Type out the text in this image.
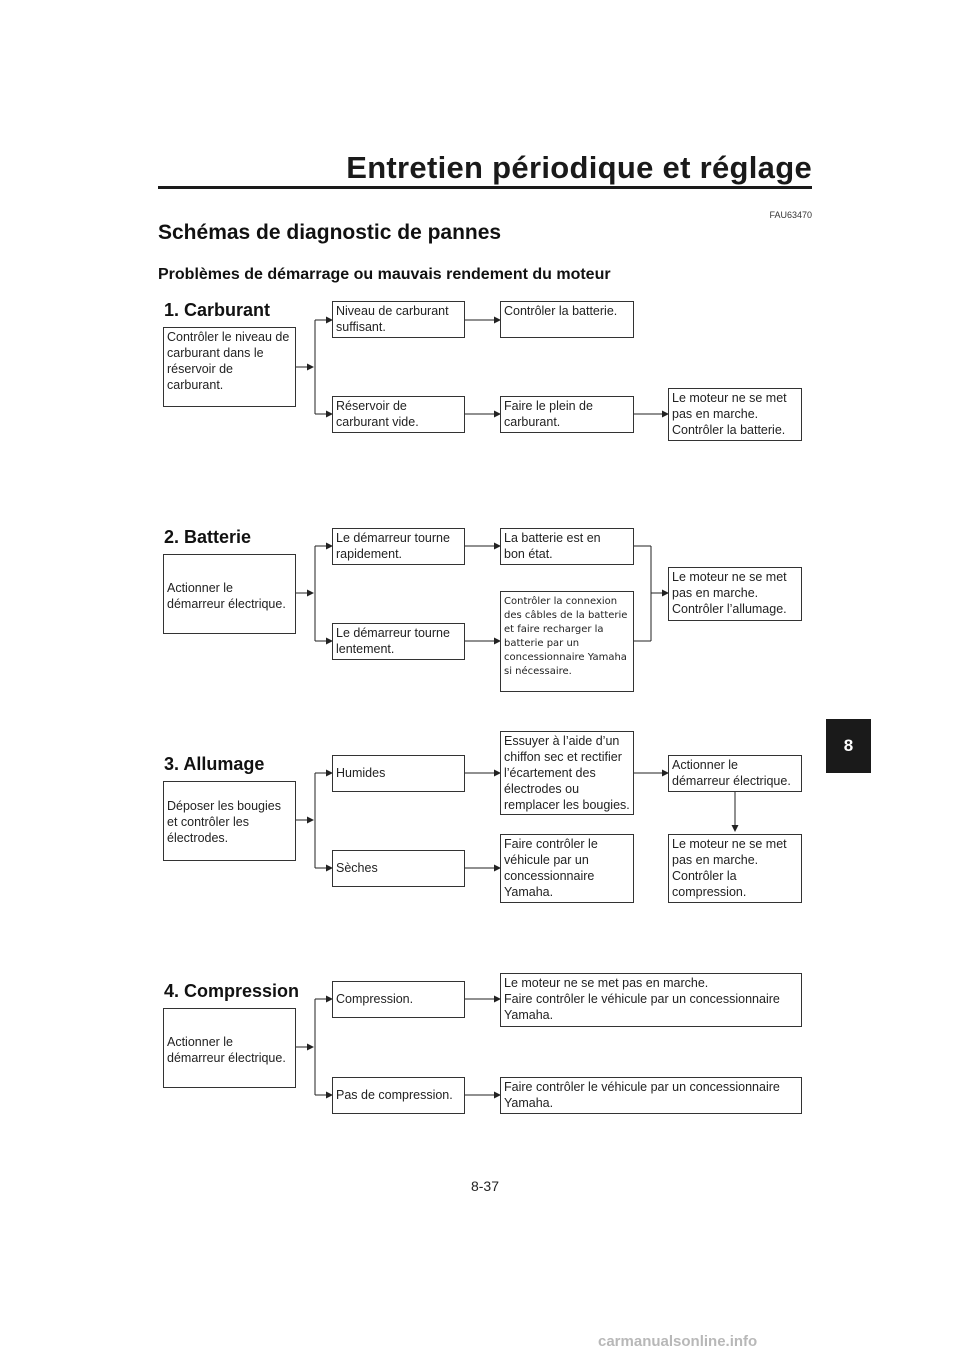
Entretien périodique et réglage
FAU63470
Schémas de diagnostic de pannes
Problèmes de démarrage ou mauvais rendement du moteur
1. Carburant
Contrôler le niveau de
carburant dans le
réservoir de
carburant.
Niveau de carburant
suffisant.
Contrôler la batterie.
Réservoir de
carburant vide.
Faire le plein de
carburant.
Le moteur ne se met
pas en marche.
Contrôler la batterie.
2. Batterie
Actionner le
démarreur électrique.
Le démarreur tourne
rapidement.
La batterie est en
bon état.
Le démarreur tourne
lentement.
Contrôler la connexion
des câbles de la batterie
et faire recharger la
batterie par un
concessionnaire Yamaha
si nécessaire.
Le moteur ne se met
pas en marche.
Contrôler l’allumage.
3. Allumage
Déposer les bougies
et contrôler les
électrodes.
Humides
Essuyer à l’aide d’un
chiffon sec et rectifier
l’écartement des
électrodes ou
remplacer les bougies.
Actionner le
démarreur électrique.
Le moteur ne se met
pas en marche.
Contrôler la
compression.
Sèches
Faire contrôler le
véhicule par un
concessionnaire
Yamaha.
4. Compression
Actionner le
démarreur électrique.
Compression.
Le moteur ne se met pas en marche.
Faire contrôler le véhicule par un concessionnaire
Yamaha.
Pas de compression.
Faire contrôler le véhicule par un concessionnaire
Yamaha.
8
8-37
carmanualsonline.info
